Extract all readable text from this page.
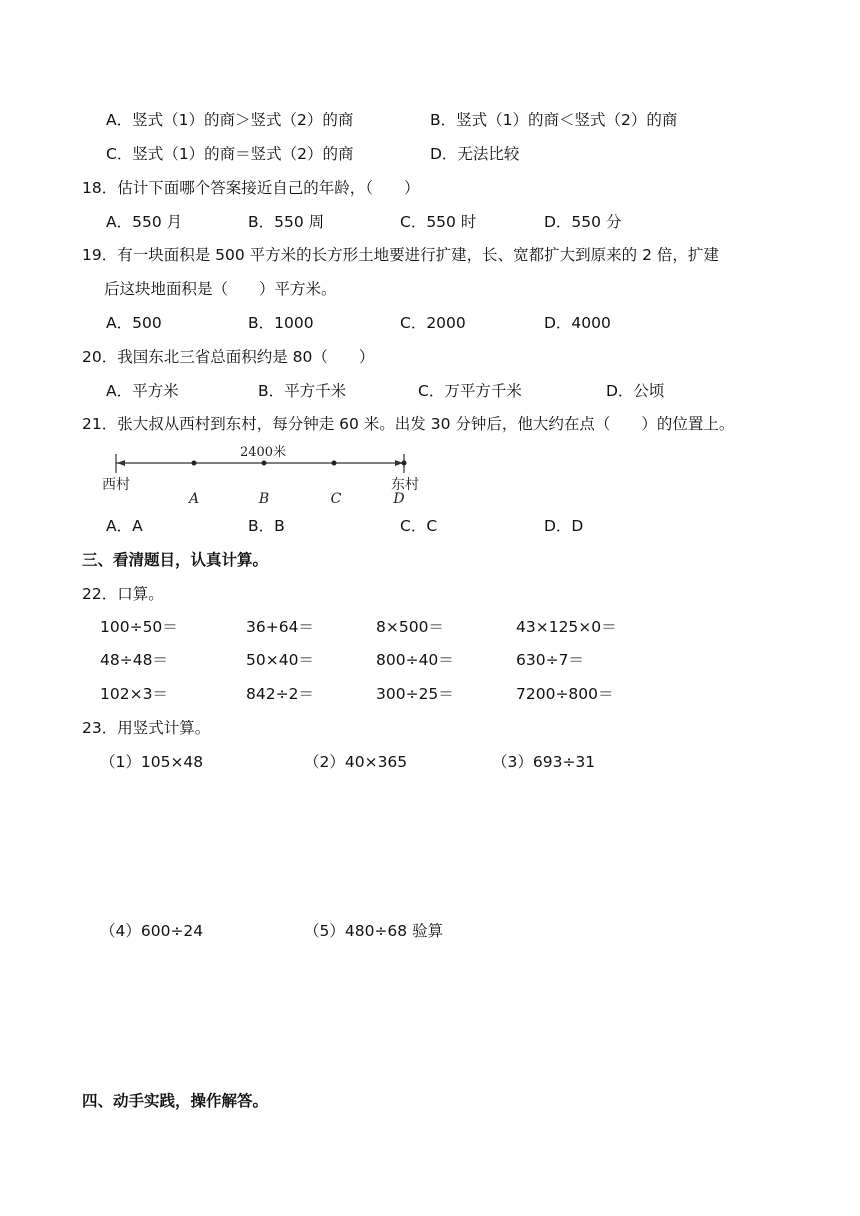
A．竖式（1）的商＞竖式（2）的商	B．竖式（1）的商＜竖式（2）的商
C．竖式（1）的商＝竖式（2）的商	D．无法比较
18．估计下面哪个答案接近自己的年龄，（　　）
A．550 月	B．550 周	C．550 时	D．550 分
19．有一块面积是 500 平方米的长方形土地要进行扩建，长、宽都扩大到原来的 2 倍，扩建
后这块地面积是（　　）平方米。
A．500	B．1000	C．2000	D．4000
20．我国东北三省总面积约是 80（　　）
A．平方米	B．平方千米	C．万平方千米	D．公顷
21．张大叔从西村到东村，每分钟走 60 米。出发 30 分钟后，他大约在点（　　）的位置上。
2400米
西村	东村
A	B	C	D
A．A	B．B	C．C	D．D
三、看清题目，认真计算。
22．口算。
100÷50＝	36+64＝	8×500＝	43×125×0＝
48÷48＝	50×40＝	800÷40＝	630÷7＝
102×3＝	842÷2＝	300÷25＝	7200÷800＝
23．用竖式计算。
（1）105×48	（2）40×365	（3）693÷31
（4）600÷24	（5）480÷68 验算
四、动手实践，操作解答。
